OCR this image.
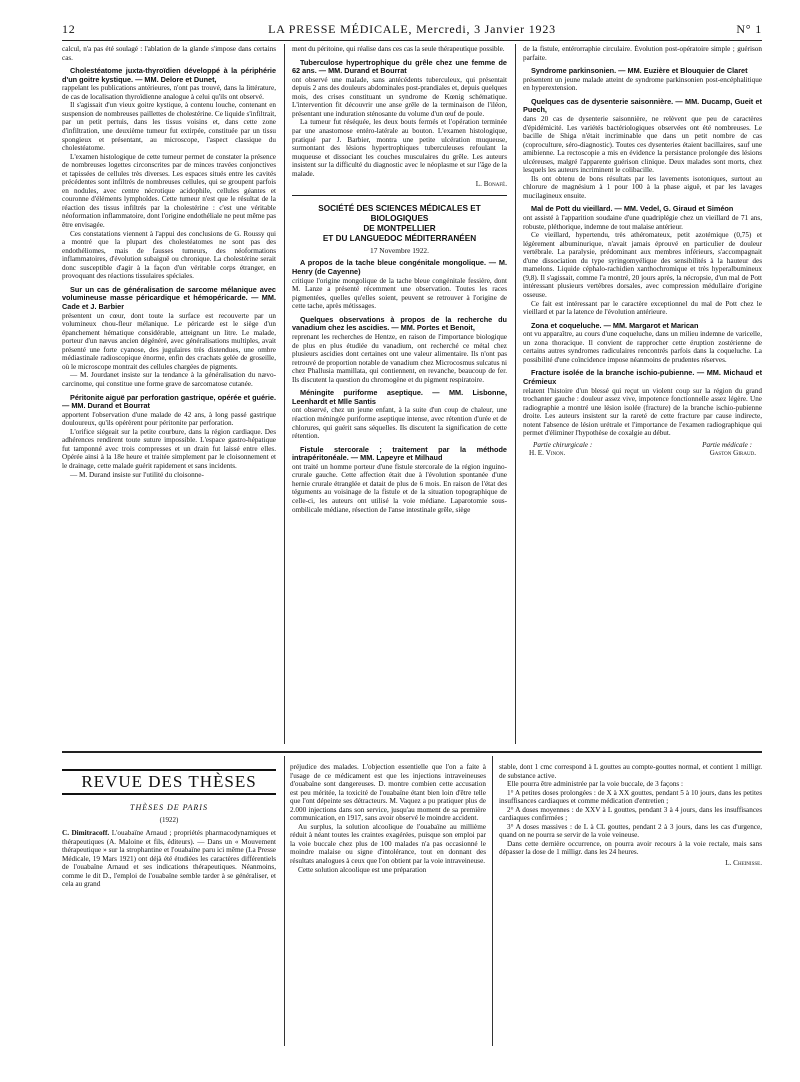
12	LA PRESSE MÉDICALE, Mercredi, 3 Janvier 1923	N° 1

calcul, n'a pas été soulagé : l'ablation de la glande s'impose dans certains cas.

Cholestéatome juxta-thyroïdien développé à la périphérie d'un goitre kystique. — MM. Delore et Dunet,

rappelant les publications antérieures, n'ont pas trouvé, dans la littérature, de cas de localisation thyroïdienne analogue à celui qu'ils ont observé.

Il s'agissait d'un vieux goitre kystique, à contenu louche, contenant en suspension de nombreuses paillettes de cholestérine. Ce liquide s'infiltrait, par un petit pertuis, dans les tissus voisins et, dans cette zone d'infiltration, une deuxième tumeur fut extirpée, constituée par un tissu spongieux et présentant, au microscope, l'aspect classique du cholestéatome.

L'examen histologique de cette tumeur permet de constater la présence de nombreuses logettes circonscrites par de minces travées conjonctives et tapissées de cellules très diverses. Les espaces situés entre les cavités précédentes sont infiltrés de nombreuses cellules, qui se groupent parfois en nodules, avec centre nécrotique acidophile, cellules géantes et couronne d'éléments lymphoïdes. Cette tumeur n'est que le résultat de la réaction des tissus infiltrés par la cholestérine : c'est une véritable néoformation inflammatoire, dont l'origine endothéliale ne peut même pas être envisagée.

Ces constatations viennent à l'appui des conclusions de G. Roussy qui a montré que la plupart des cholestéatomes ne sont pas des endothéliomes, mais de fausses tumeurs, des néoformations inflammatoires, d'évolution subaiguë ou chronique. La cholestérine serait donc susceptible d'agir à la façon d'un véritable corps étranger, en provoquant des réactions tissulaires spéciales.

Sur un cas de généralisation de sarcome mélanique avec volumineuse masse péricardique et hémopéricarde. — MM. Cade et J. Barbier

présentent un cœur, dont toute la surface est recouverte par un volumineux chou-fleur mélanique. Le péricarde est le siège d'un épanchement hématique considérable, atteignant un litre. Le malade, porteur d'un nævus ancien dégénéré, avec généralisations multiples, avait présenté une forte cyanose, des jugulaires très distendues, une ombre médiastinale radioscopique énorme, enfin des crachats gelée de groseille, où le microscope montrait des cellules chargées de pigments.

— M. Jourdanet insiste sur la tendance à la généralisation du nævo-carcinome, qui constitue une forme grave de sarcomatose cutanée.

Péritonite aiguë par perforation gastrique, opérée et guérie. — MM. Durand et Bourrat

apportent l'observation d'une malade de 42 ans, à long passé gastrique douloureux, qu'ils opérèrent pour péritonite par perforation.

L'orifice siégeait sur la petite courbure, dans la région cardiaque. Des adhérences rendirent toute suture impossible. L'espace gastro-hépatique fut tamponné avec trois compresses et un drain fut laissé entre elles. Opérée ainsi à la 18e heure et traitée simplement par le cloisonnement et le drainage, cette malade guérit rapidement et sans incidents.

— M. Durand insiste sur l'utilité du cloisonne-

ment du péritoine, qui réalise dans ces cas la seule thérapeutique possible.

Tuberculose hypertrophique du grêle chez une femme de 62 ans. — MM. Durand et Bourrat

ont observé une malade, sans antécédents tuberculeux, qui présentait depuis 2 ans des douleurs abdominales post-prandiales et, depuis quelques mois, des crises constituant un syndrome de Kœnig schématique. L'intervention fit découvrir une anse grêle de la terminaison de l'iléon, présentant une induration sténosante du volume d'un œuf de poule.

La tumeur fut réséquée, les deux bouts fermés et l'opération terminée par une anastomose entéro-latérale au bouton. L'examen histologique, pratiqué par J. Barbier, montra une petite ulcération muqueuse, surmontant des lésions hypertrophiques tuberculeuses refoulant la muqueuse et dissociant les couches musculaires du grêle. Les auteurs insistent sur la difficulté du diagnostic avec le néoplasme et sur l'âge de la malade.

L. Bonafé.
SOCIÉTÉ DES SCIENCES MÉDICALES ET BIOLOGIQUES
DE MONTPELLIER
ET DU LANGUEDOC MÉDITERRANÉEN
17 Novembre 1922.
A propos de la tache bleue congénitale mongolique. — M. Henry (de Cayenne)

critique l'origine mongolique de la tache bleue congénitale fessière, dont M. Lanze a présenté récemment une observation. Toutes les races pigmentées, quelles qu'elles soient, peuvent se retrouver à l'origine de cette tache, après métissages.

Quelques observations à propos de la recherche du vanadium chez les ascidies. — MM. Portes et Benoit,

reprenant les recherches de Hentze, en raison de l'importance biologique de plus en plus étudiée du vanadium, ont recherché ce métal chez plusieurs ascidies dont certaines ont une valeur alimentaire. Ils n'ont pas retrouvé de proportion notable de vanadium chez Microcosmus sulcatus ni chez Phallusia mamillata, qui contiennent, en revanche, beaucoup de fer. Ils discutent la question du chromogène et du pigment respiratoire.

Méningite puriforme aseptique. — MM. Lisbonne, Leenhardt et Mlle Santis

ont observé, chez un jeune enfant, à la suite d'un coup de chaleur, une réaction méningée puriforme aseptique intense, avec rétention d'urée et de chlorures, qui guérit sans séquelles. Ils discutent la signification de cette rétention.

Fistule stercorale ; traitement par la méthode intrapéritonéale. — MM. Lapeyre et Milhaud

ont traité un homme porteur d'une fistule stercorale de la région inguino-crurale gauche. Cette affection était due à l'évolution spontanée d'une hernie crurale étranglée et datait de plus de 6 mois. En raison de l'état des téguments au voisinage de la fistule et de la situation topographique de celle-ci, les auteurs ont utilisé la voie médiane. Laparotomie sous-ombilicale médiane, résection de l'anse intestinale grêle, siège

de la fistule, entérorraphie circulaire. Évolution post-opératoire simple ; guérison parfaite.

Syndrome parkinsonien. — MM. Euzière et Blouquier de Claret

présentent un jeune malade atteint de syndrome parkinsonien post-encéphalitique en hyperextension.

Quelques cas de dysenterie saisonnière. — MM. Ducamp, Gueit et Puech,

dans 20 cas de dysenterie saisonnière, ne relèvent que peu de caractères d'épidémicité. Les variétés bactériologiques observées ont été nombreuses. Le bacille de Shiga n'était incriminable que dans un petit nombre de cas (coproculture, séro-diagnostic). Toutes ces dysenteries étaient bacillaires, sauf une amibienne. La rectoscopie a mis en évidence la persistance prolongée des lésions ulcéreuses, malgré l'apparente guérison clinique. Deux malades sont morts, chez lesquels les auteurs incriminent le colibacille.

Ils ont obtenu de bons résultats par les lavements isotoniques, surtout au chlorure de magnésium à 1 pour 100 à la phase aiguë, et par les lavages mucilagineux ensuite.

Mal de Pott du vieillard. — MM. Vedel, G. Giraud et Siméon

ont assisté à l'apparition soudaine d'une quadriplégie chez un vieillard de 71 ans, robuste, pléthorique, indemne de tout malaise antérieur.

Ce vieillard, hypertendu, très athéromateux, petit azotémique (0,75) et légèrement albuminurique, n'avait jamais éprouvé en particulier de douleur vertébrale. La paralysie, prédominant aux membres inférieurs, s'accompagnait d'une dissociation du type syringomyélique des sensibilités à la hauteur des mamelons. Liquide céphalo-rachidien xanthochromique et très hyperalbumineux (9,8). Il s'agissait, comme l'a montré, 20 jours après, la nécropsie, d'un mal de Pott intéressant plusieurs vertèbres dorsales, avec compression médullaire d'origine osseuse.

Ce fait est intéressant par le caractère exceptionnel du mal de Pott chez le vieillard et par la latence de l'évolution antérieure.

Zona et coqueluche. — MM. Margarot et Marican

ont vu apparaître, au cours d'une coqueluche, dans un milieu indemne de varicelle, un zona thoracique. Il convient de rapprocher cette éruption zostérienne de certains autres syndromes radiculaires rencontrés parfois dans la coqueluche. La possibilité d'une coïncidence impose néanmoins de prudentes réserves.

Fracture isolée de la branche ischio-pubienne. — MM. Michaud et Crémieux

relatent l'histoire d'un blessé qui reçut un violent coup sur la région du grand trochanter gauche : douleur assez vive, impotence fonctionnelle assez légère. Une radiographie a montré une lésion isolée (fracture) de la branche ischio-pubienne droite. Les auteurs insistent sur la rareté de cette fracture par cause indirecte, notent l'absence de lésion urétrale et l'importance de l'examen radiographique qui permet d'éliminer l'hypothèse de coxalgie au début.

Partie chirurgicale :	Partie médicale :
H. E. Vinon.	Gaston Giraud.
REVUE DES THÈSES
THÈSES DE PARIS
(1922)

C. Dimitracoff. L'ouabaïne Arnaud ; propriétés pharmacodynamiques et thérapeutiques (A. Maloine et fils, éditeurs). — Dans un « Mouvement thérapeutique » sur la strophantine et l'ouabaïne paru ici même (La Presse Médicale, 19 Mars 1921) ont déjà été étudiées les caractères différentiels de l'ouabaïne Arnaud et ses indications thérapeutiques. Néanmoins, comme le dit D., l'emploi de l'ouabaïne semble tarder à se généraliser, et cela au grand

préjudice des malades. L'objection essentielle que l'on a faite à l'usage de ce médicament est que les injections intraveineuses d'ouabaïne sont dangereuses. D. montre combien cette accusation est peu méritée, la toxicité de l'ouabaïne étant bien loin d'être telle que l'ont dépeinte ses détracteurs. M. Vaquez a pu pratiquer plus de 2.000 injections dans son service, jusqu'au moment de sa première communication, en 1917, sans avoir observé le moindre accident.

Au surplus, la solution alcoolique de l'ouabaïne au millième réduit à néant toutes les craintes exagérées, puisque son emploi par la voie buccale chez plus de 100 malades n'a pas occasionné le moindre malaise ou signe d'intolérance, tout en donnant des résultats analogues à ceux que l'on obtient par la voie intraveineuse.

Cette solution alcoolique est une préparation

stable, dont 1 cmc correspond à L gouttes au compte-gouttes normal, et contient 1 milligr. de substance active.

Elle pourra être administrée par la voie buccale, de 3 façons :

1° A petites doses prolongées : de X à XX gouttes, pendant 5 à 10 jours, dans les petites insuffisances cardiaques et comme médication d'entretien ;

2° A doses moyennes : de XXV à L gouttes, pendant 3 à 4 jours, dans les insuffisances cardiaques confirmées ;

3° A doses massives : de L à CL gouttes, pendant 2 à 3 jours, dans les cas d'urgence, quand on ne pourra se servir de la voie veineuse.

Dans cette dernière occurrence, on pourra avoir recours à la voie rectale, mais sans dépasser la dose de 1 milligr. dans les 24 heures.

L. Cheinisse.
